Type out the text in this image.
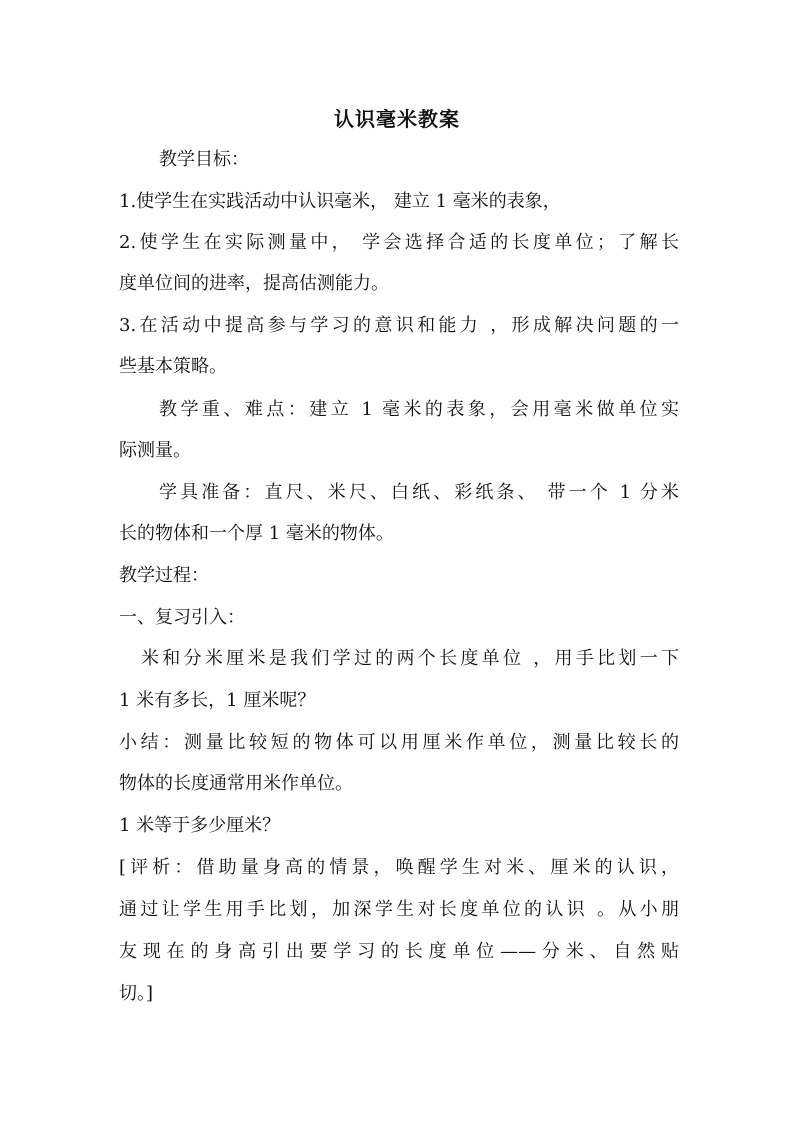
认识毫米教案
教学目标：
1.使学生在实践活动中认识毫米， 建立 1 毫米的表象，
2.使学生在实际测量中， 学会选择合适的长度单位；了解长
度单位间的进率，提高估测能力。
3.在活动中提高参与学习的意识和能力 ，形成解决问题的一
些基本策略。
教学重、难点：建立 1 毫米的表象，会用毫米做单位实
际测量。
学具准备：直尺、米尺、白纸、彩纸条、 带一个 1 分米
长的物体和一个厚 1 毫米的物体。
教学过程：
一、复习引入：
米和分米厘米是我们学过的两个长度单位 ，用手比划一下
1 米有多长，1 厘米呢？
小结：测量比较短的物体可以用厘米作单位，测量比较长的
物体的长度通常用米作单位。
1 米等于多少厘米？
[评析：借助量身高的情景，唤醒学生对米、厘米的认识，
通过让学生用手比划，加深学生对长度单位的认识 。从小朋
友现在的身高引出要学习的长度单位——分米、自然贴
切。]
